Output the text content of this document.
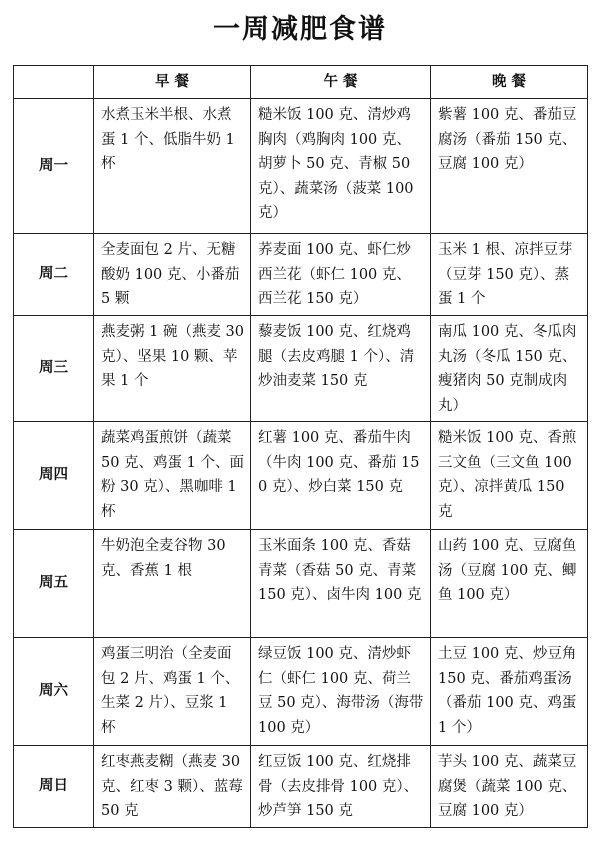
一周减肥食谱
	早 餐	午 餐	晚 餐
周一	水煮玉米半根、水煮蛋 1 个、低脂牛奶 1 杯	糙米饭 100 克、清炒鸡胸肉（鸡胸肉 100 克、胡萝卜 50 克、青椒 50 克）、蔬菜汤（菠菜 100 克）	紫薯 100 克、番茄豆腐汤（番茄 150 克、豆腐 100 克）
周二	全麦面包 2 片、无糖酸奶 100 克、小番茄 5 颗	荞麦面 100 克、虾仁炒西兰花（虾仁 100 克、西兰花 150 克）	玉米 1 根、凉拌豆芽（豆芽 150 克）、蒸蛋 1 个
周三	燕麦粥 1 碗（燕麦 30 克）、坚果 10 颗、苹果 1 个	藜麦饭 100 克、红烧鸡腿（去皮鸡腿 1 个）、清炒油麦菜 150 克	南瓜 100 克、冬瓜肉丸汤（冬瓜 150 克、瘦猪肉 50 克制成肉丸）
周四	蔬菜鸡蛋煎饼（蔬菜 50 克、鸡蛋 1 个、面粉 30 克）、黑咖啡 1 杯	红薯 100 克、番茄牛肉（牛肉 100 克、番茄 150 克）、炒白菜 150 克	糙米饭 100 克、香煎三文鱼（三文鱼 100 克）、凉拌黄瓜 150 克
周五	牛奶泡全麦谷物 30 克、香蕉 1 根	玉米面条 100 克、香菇青菜（香菇 50 克、青菜 150 克）、卤牛肉 100 克	山药 100 克、豆腐鱼汤（豆腐 100 克、鲫鱼 100 克）
周六	鸡蛋三明治（全麦面包 2 片、鸡蛋 1 个、生菜 2 片）、豆浆 1 杯	绿豆饭 100 克、清炒虾仁（虾仁 100 克、荷兰豆 50 克）、海带汤（海带 100 克）	土豆 100 克、炒豆角 150 克、番茄鸡蛋汤（番茄 100 克、鸡蛋 1 个）
周日	红枣燕麦糊（燕麦 30 克、红枣 3 颗）、蓝莓 50 克	红豆饭 100 克、红烧排骨（去皮排骨 100 克）、炒芦笋 150 克	芋头 100 克、蔬菜豆腐煲（蔬菜 100 克、豆腐 100 克）
